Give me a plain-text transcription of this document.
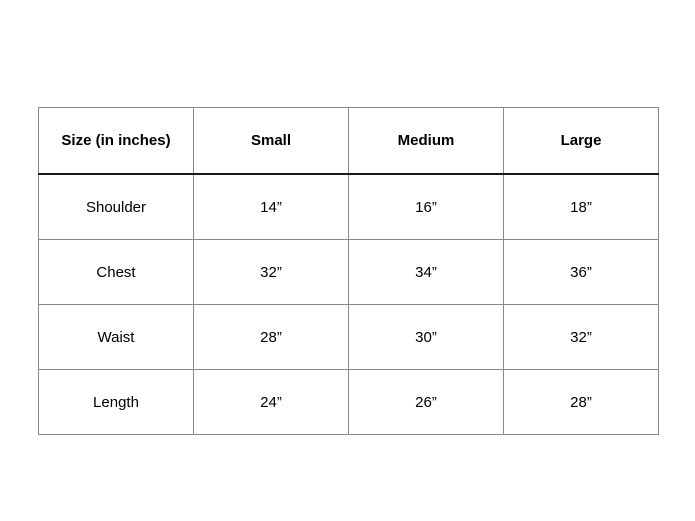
Size (in inches)	Small	Medium	Large
Shoulder	14”	16”	18”
Chest	32”	34”	36”
Waist	28”	30”	32”
Length	24”	26”	28”
